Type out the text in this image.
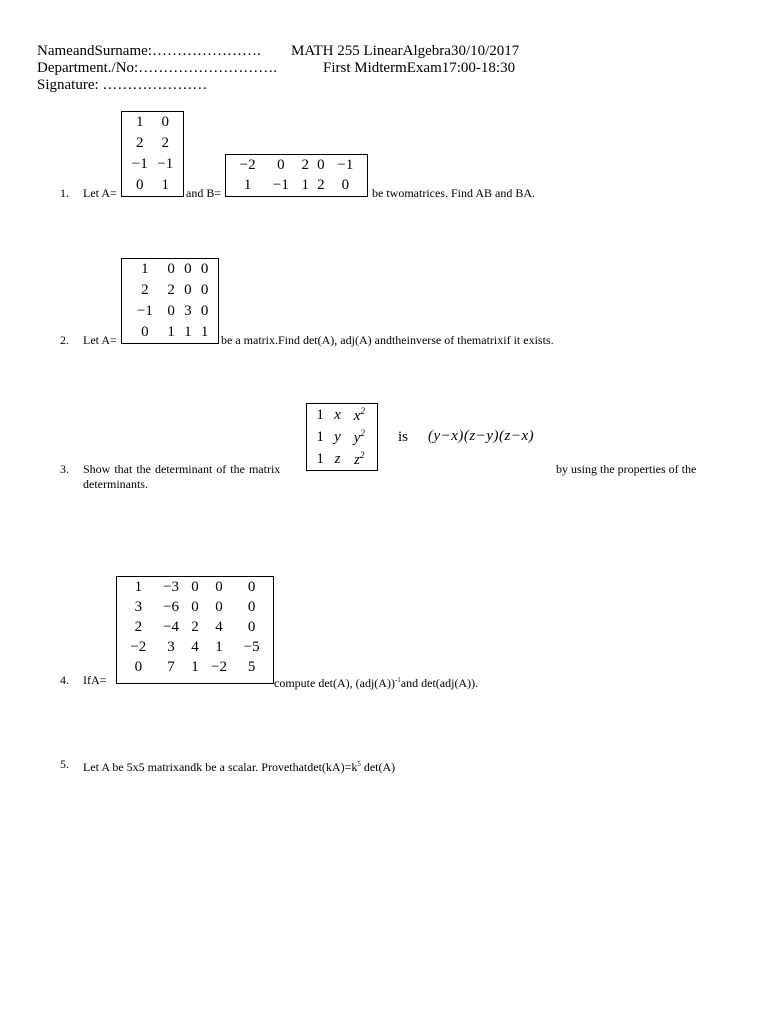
NameandSurname:…………………. MATH 255 LinearAlgebra30/10/2017
Department./No:……………………….	First MidtermExam17:00-18:30
Signature: …………………
1. Let A=
1	0
2	2
−1	−1
0	1 and B=
−2	0	2	0	−1
1	−1	1	2	0
be twomatrices. Find AB and BA.
2. Let A=
1	0	0	0
2	2	0	0
−1	0	3	0
0	1	1	1 be a matrix.Find det(A), adj(A) andtheinverse of thematrixif it exists.
1	x	$x^2$
1	y	$y^2$
1	z	$z^2$
is (y−x)(z−y)(z−x)
3. Show that the determinant of the matrix	by using the properties of the
determinants.
4. IfA=
1	−3	0	0	0
3	−6	0	0	0
2	−4	2	4	0
−2	3	4	1	−5
0	7	1	−2	5
compute det(A), $(adj(A))^{-1}and$ det(adj(A)).
5. Let A be 5x5 matrixandk be a scalar. $Provethatdet(kA)=k^5$ det(A)
